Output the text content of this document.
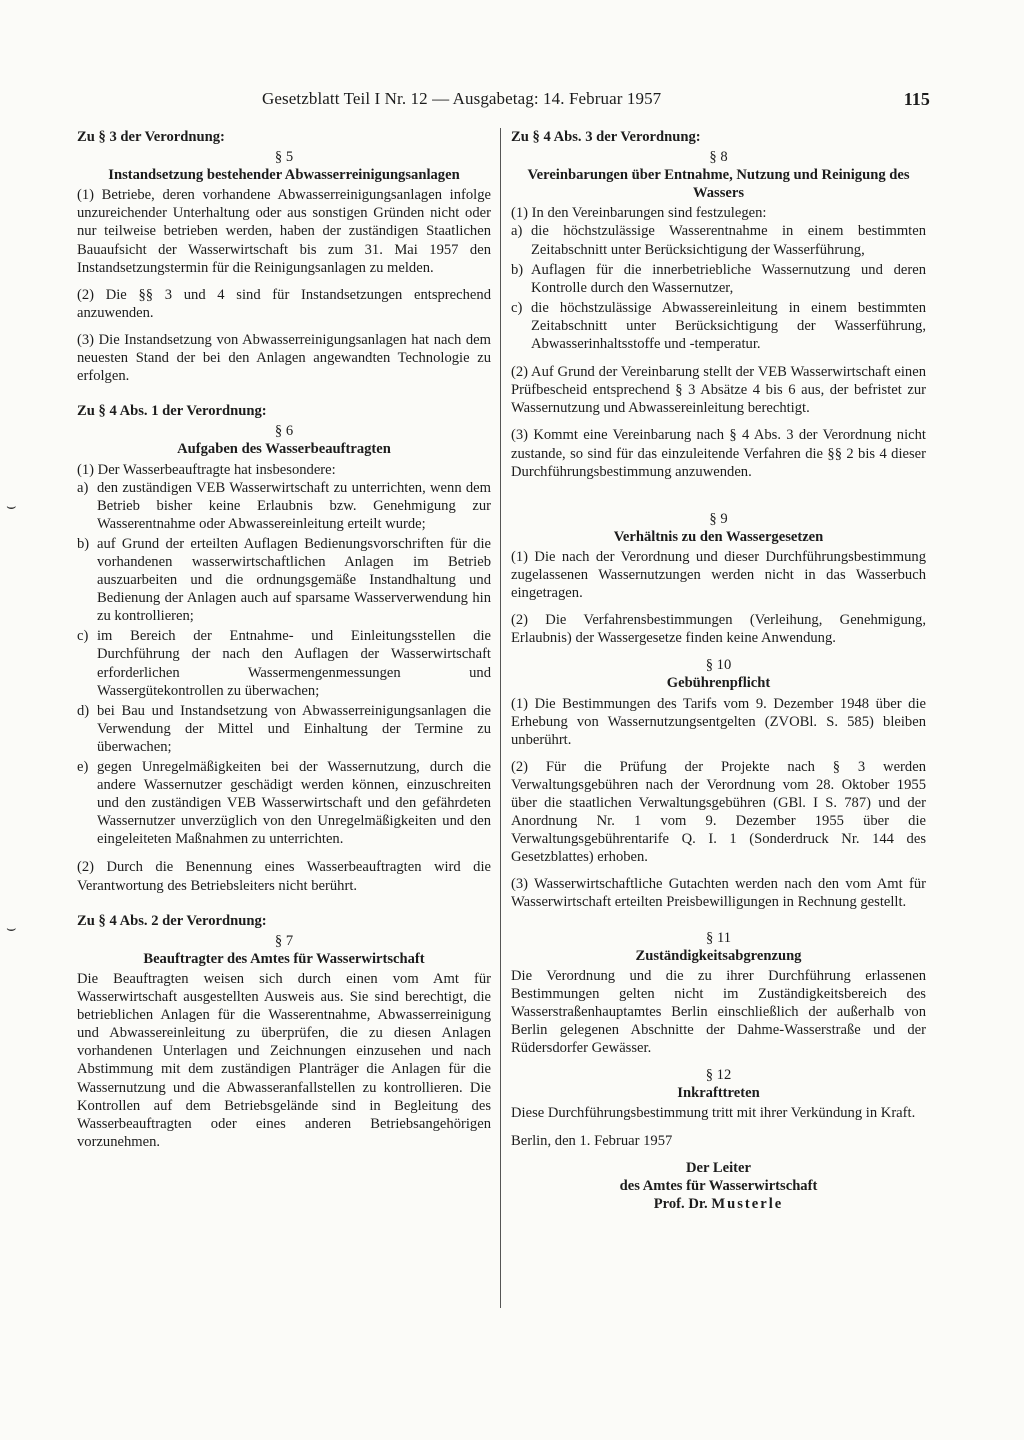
Gesetzblatt Teil I Nr. 12 — Ausgabetag: 14. Februar 1957	115
⌣
⌣
Zu § 3 der Verordnung:
§ 5
Instandsetzung bestehender Abwasserreinigungsanlagen

(1) Betriebe, deren vorhandene Abwasserreinigungsanlagen infolge unzureichender Unterhaltung oder aus sonstigen Gründen nicht oder nur teilweise betrieben werden, haben der zuständigen Staatlichen Bauaufsicht der Wasserwirtschaft bis zum 31. Mai 1957 den Instandsetzungstermin für die Reinigungsanlagen zu melden.

(2) Die §§ 3 und 4 sind für Instandsetzungen entsprechend anzuwenden.

(3) Die Instandsetzung von Abwasserreinigungsanlagen hat nach dem neuesten Stand der bei den Anlagen angewandten Technologie zu erfolgen.

Zu § 4 Abs. 1 der Verordnung:
§ 6
Aufgaben des Wasserbeauftragten

(1) Der Wasserbeauftragte hat insbesondere:

a) den zuständigen VEB Wasserwirtschaft zu unterrichten, wenn dem Betrieb bisher keine Erlaubnis bzw. Genehmigung zur Wasserentnahme oder Abwassereinleitung erteilt wurde;
b) auf Grund der erteilten Auflagen Bedienungsvorschriften für die vorhandenen wasserwirtschaftlichen Anlagen im Betrieb auszuarbeiten und die ordnungsgemäße Instandhaltung und Bedienung der Anlagen auch auf sparsame Wasserverwendung hin zu kontrollieren;
c) im Bereich der Entnahme- und Einleitungsstellen die Durchführung der nach den Auflagen der Wasserwirtschaft erforderlichen Wassermengenmessungen und Wassergütekontrollen zu überwachen;
d) bei Bau und Instandsetzung von Abwasserreinigungsanlagen die Verwendung der Mittel und Einhaltung der Termine zu überwachen;
e) gegen Unregelmäßigkeiten bei der Wassernutzung, durch die andere Wassernutzer geschädigt werden können, einzuschreiten und den zuständigen VEB Wasserwirtschaft und den gefährdeten Wassernutzer unverzüglich von den Unregelmäßigkeiten und den eingeleiteten Maßnahmen zu unterrichten.

(2) Durch die Benennung eines Wasserbeauftragten wird die Verantwortung des Betriebsleiters nicht berührt.

Zu § 4 Abs. 2 der Verordnung:
§ 7
Beauftragter des Amtes für Wasserwirtschaft

Die Beauftragten weisen sich durch einen vom Amt für Wasserwirtschaft ausgestellten Ausweis aus. Sie sind berechtigt, die betrieblichen Anlagen für die Wasserentnahme, Abwasserreinigung und Abwassereinleitung zu überprüfen, die zu diesen Anlagen vorhandenen Unterlagen und Zeichnungen einzusehen und nach Abstimmung mit dem zuständigen Planträger die Anlagen für die Wassernutzung und die Abwasseranfallstellen zu kontrollieren. Die Kontrollen auf dem Betriebsgelände sind in Begleitung des Wasserbeauftragten oder eines anderen Betriebsangehörigen vorzunehmen.

Zu § 4 Abs. 3 der Verordnung:
§ 8
Vereinbarungen über Entnahme, Nutzung und Reinigung des Wassers

(1) In den Vereinbarungen sind festzulegen:

a) die höchstzulässige Wasserentnahme in einem bestimmten Zeitabschnitt unter Berücksichtigung der Wasserführung,
b) Auflagen für die innerbetriebliche Wassernutzung und deren Kontrolle durch den Wassernutzer,
c) die höchstzulässige Abwassereinleitung in einem bestimmten Zeitabschnitt unter Berücksichtigung der Wasserführung, Abwasserinhaltsstoffe und -temperatur.

(2) Auf Grund der Vereinbarung stellt der VEB Wasserwirtschaft einen Prüfbescheid entsprechend § 3 Absätze 4 bis 6 aus, der befristet zur Wassernutzung und Abwassereinleitung berechtigt.

(3) Kommt eine Vereinbarung nach § 4 Abs. 3 der Verordnung nicht zustande, so sind für das einzuleitende Verfahren die §§ 2 bis 4 dieser Durchführungsbestimmung anzuwenden.

§ 9
Verhältnis zu den Wassergesetzen

(1) Die nach der Verordnung und dieser Durchführungsbestimmung zugelassenen Wassernutzungen werden nicht in das Wasserbuch eingetragen.

(2) Die Verfahrensbestimmungen (Verleihung, Genehmigung, Erlaubnis) der Wassergesetze finden keine Anwendung.

§ 10
Gebührenpflicht

(1) Die Bestimmungen des Tarifs vom 9. Dezember 1948 über die Erhebung von Wassernutzungsentgelten (ZVOBl. S. 585) bleiben unberührt.

(2) Für die Prüfung der Projekte nach § 3 werden Verwaltungsgebühren nach der Verordnung vom 28. Oktober 1955 über die staatlichen Verwaltungsgebühren (GBl. I S. 787) und der Anordnung Nr. 1 vom 9. Dezember 1955 über die Verwaltungsgebührentarife Q. I. 1 (Sonderdruck Nr. 144 des Gesetzblattes) erhoben.

(3) Wasserwirtschaftliche Gutachten werden nach den vom Amt für Wasserwirtschaft erteilten Preisbewilligungen in Rechnung gestellt.

§ 11
Zuständigkeitsabgrenzung

Die Verordnung und die zu ihrer Durchführung erlassenen Bestimmungen gelten nicht im Zuständigkeitsbereich des Wasserstraßenhauptamtes Berlin einschließlich der außerhalb von Berlin gelegenen Abschnitte der Dahme-Wasserstraße und der Rüdersdorfer Gewässer.

§ 12
Inkrafttreten

Diese Durchführungsbestimmung tritt mit ihrer Verkündung in Kraft.

Berlin, den 1. Februar 1957

Der Leiter
des Amtes für Wasserwirtschaft
Prof. Dr. Musterle
